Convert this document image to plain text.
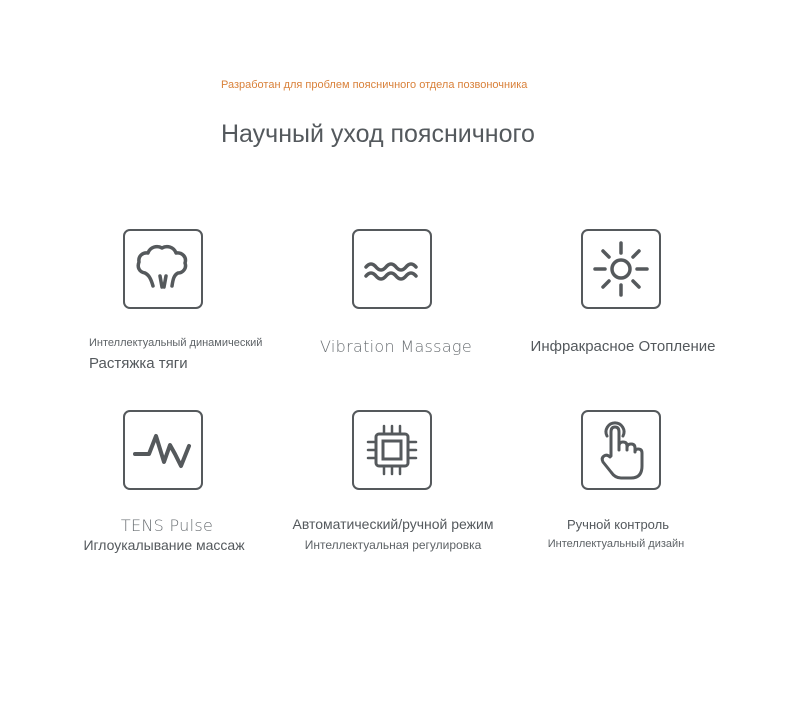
Разработан для проблем поясничного отдела позвоночника
Научный уход поясничного
Интеллектуальный динамический
Растяжка тяги
Vibration Massage	Инфракрасное Отопление
TENS Pulse
Иглоукалывание массаж
Автоматический/ручной режим
Интеллектуальная регулировка
Ручной контроль
Интеллектуальный дизайн
